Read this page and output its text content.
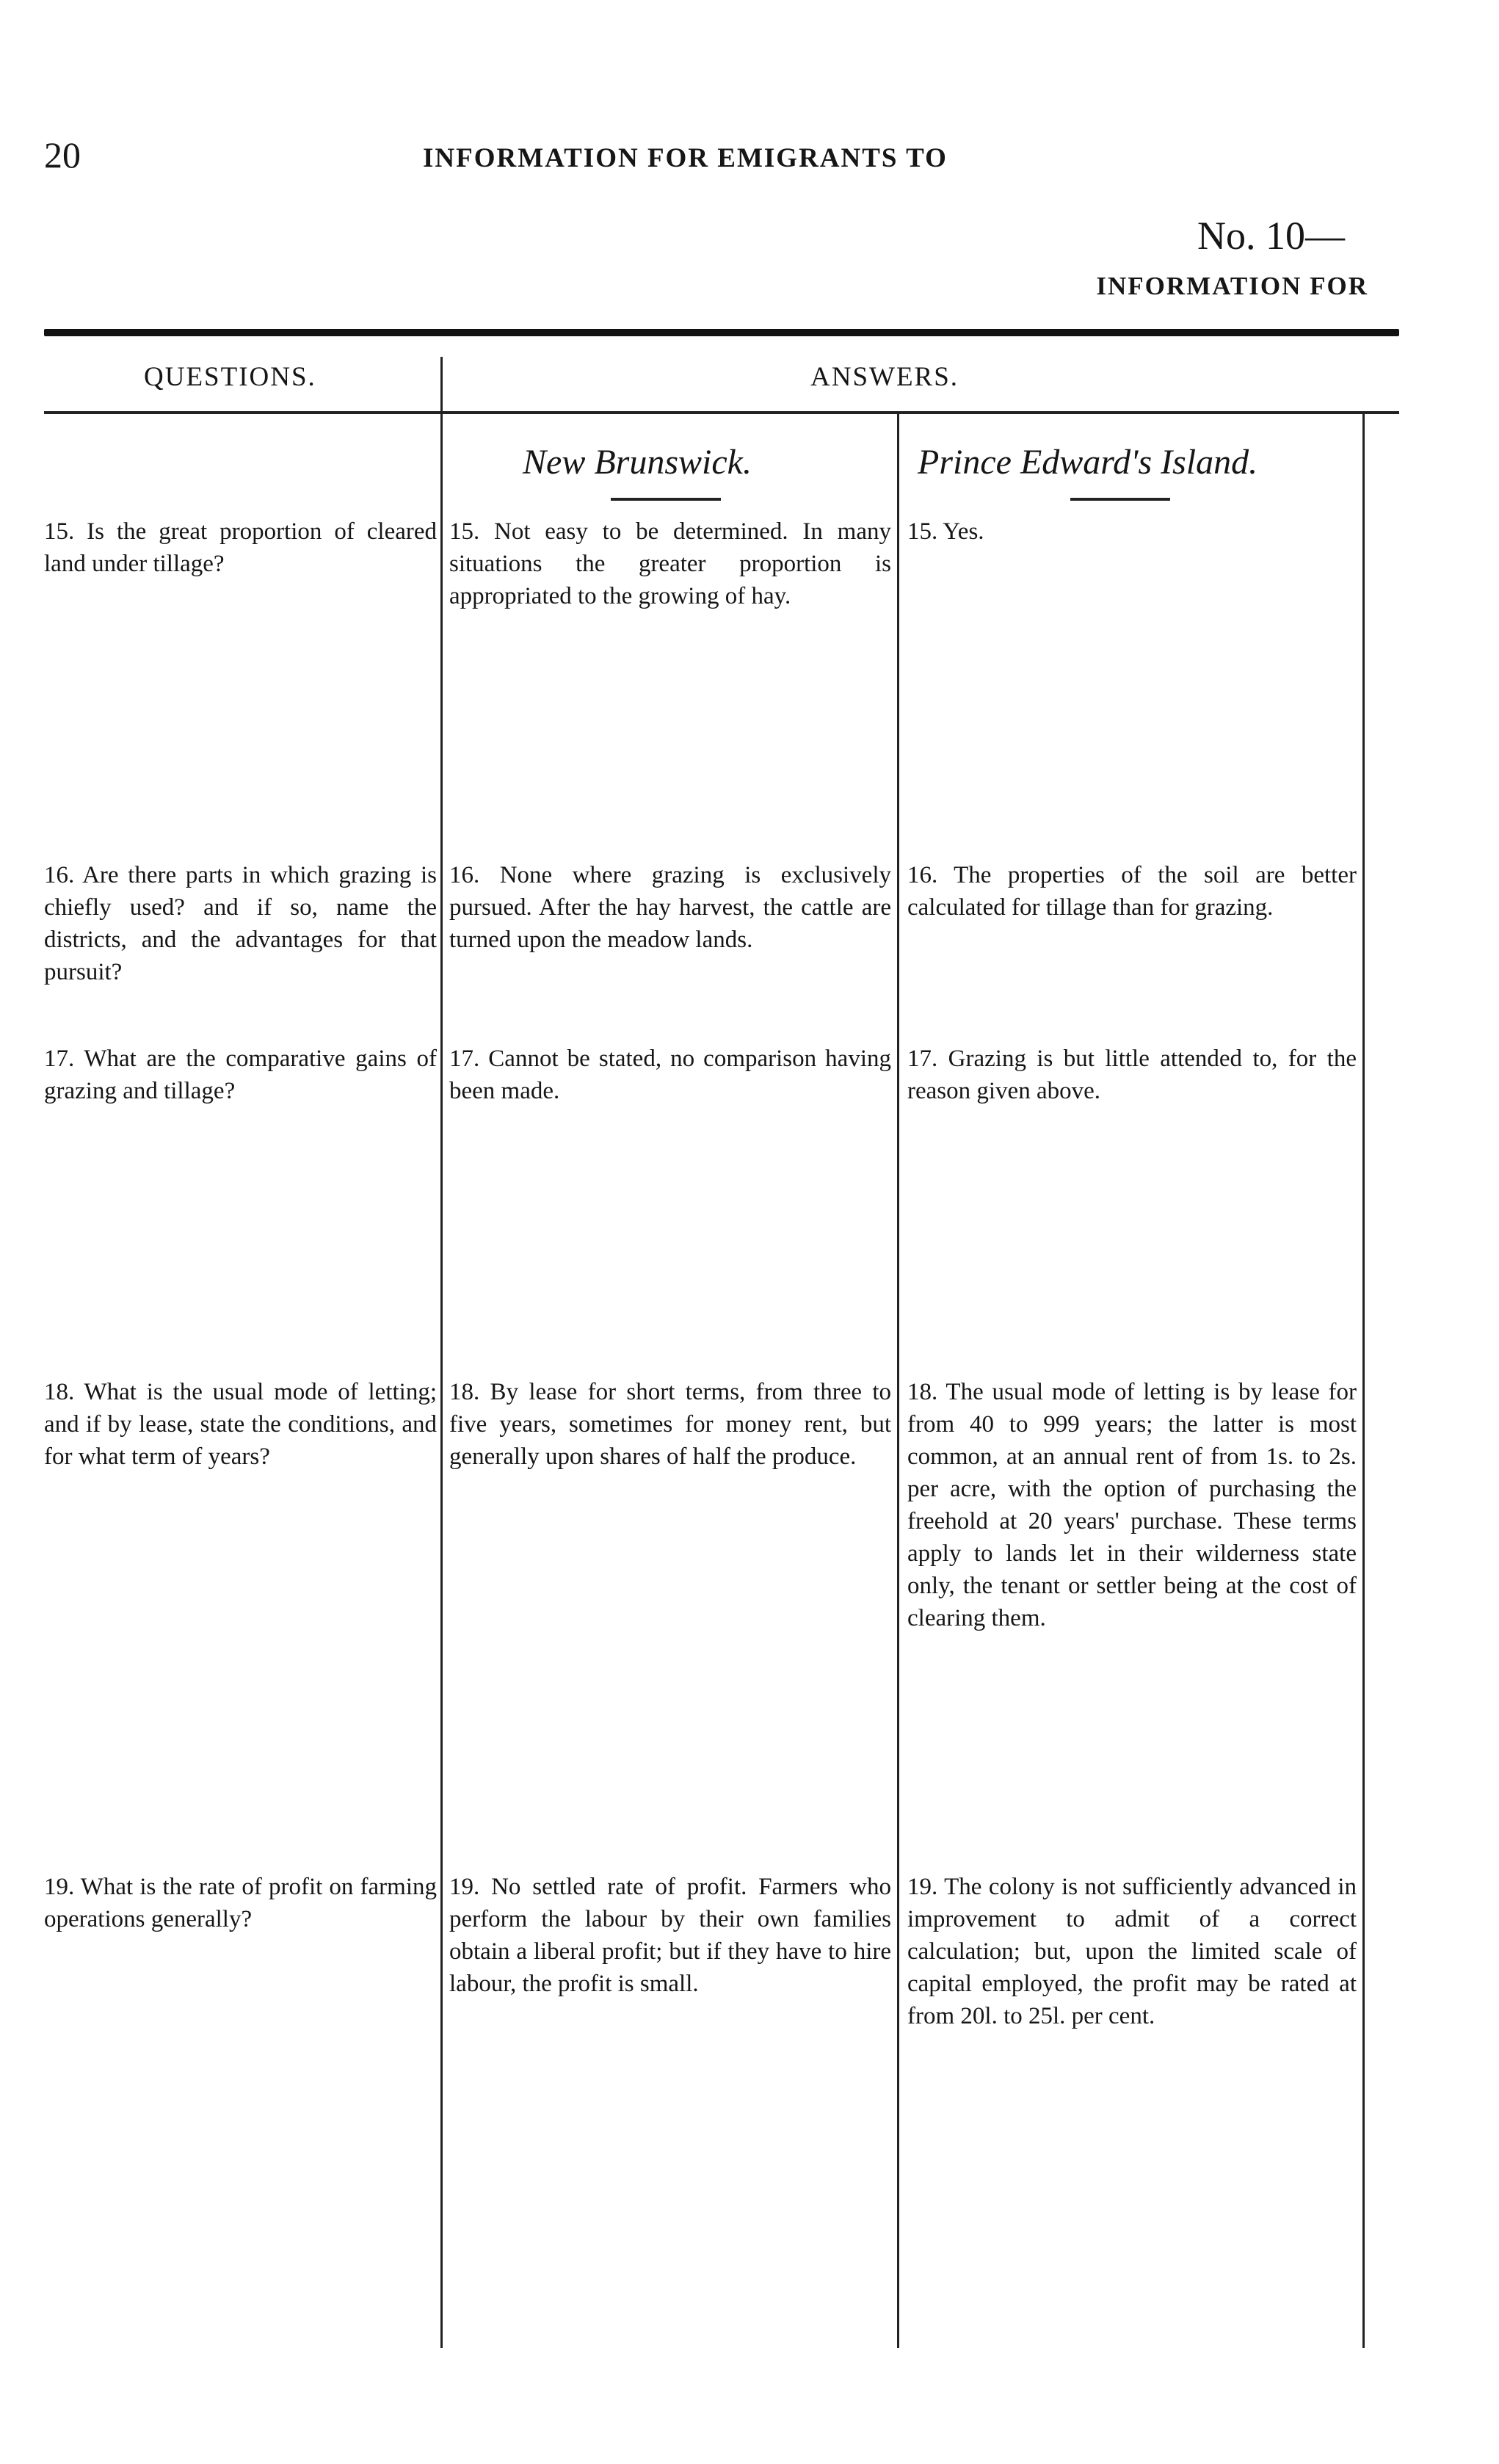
20	INFORMATION FOR EMIGRANTS TO
No. 10—
INFORMATION FOR
QUESTIONS.	ANSWERS.
New Brunswick.	Prince Edward's Island.

15. Is the great proportion of cleared land under tillage?

15. Not easy to be determined. In many situations the greater proportion is appropriated to the growing of hay.

15. Yes.

16. Are there parts in which grazing is chiefly used? and if so, name the districts, and the advantages for that pursuit?

16. None where grazing is exclusively pursued. After the hay harvest, the cattle are turned upon the meadow lands.

16. The properties of the soil are better calculated for tillage than for grazing.

17. What are the comparative gains of grazing and tillage?

17. Cannot be stated, no comparison having been made.

17. Grazing is but little attended to, for the reason given above.

18. What is the usual mode of letting; and if by lease, state the conditions, and for what term of years?

18. By lease for short terms, from three to five years, sometimes for money rent, but generally upon shares of half the produce.

18. The usual mode of letting is by lease for from 40 to 999 years; the latter is most common, at an annual rent of from 1s. to 2s. per acre, with the option of purchasing the freehold at 20 years' purchase. These terms apply to lands let in their wilderness state only, the tenant or settler being at the cost of clearing them.

19. What is the rate of profit on farming operations generally?

19. No settled rate of profit. Farmers who perform the labour by their own families obtain a liberal profit; but if they have to hire labour, the profit is small.

19. The colony is not sufficiently advanced in improvement to admit of a correct calculation; but, upon the limited scale of capital employed, the profit may be rated at from 20l. to 25l. per cent.
